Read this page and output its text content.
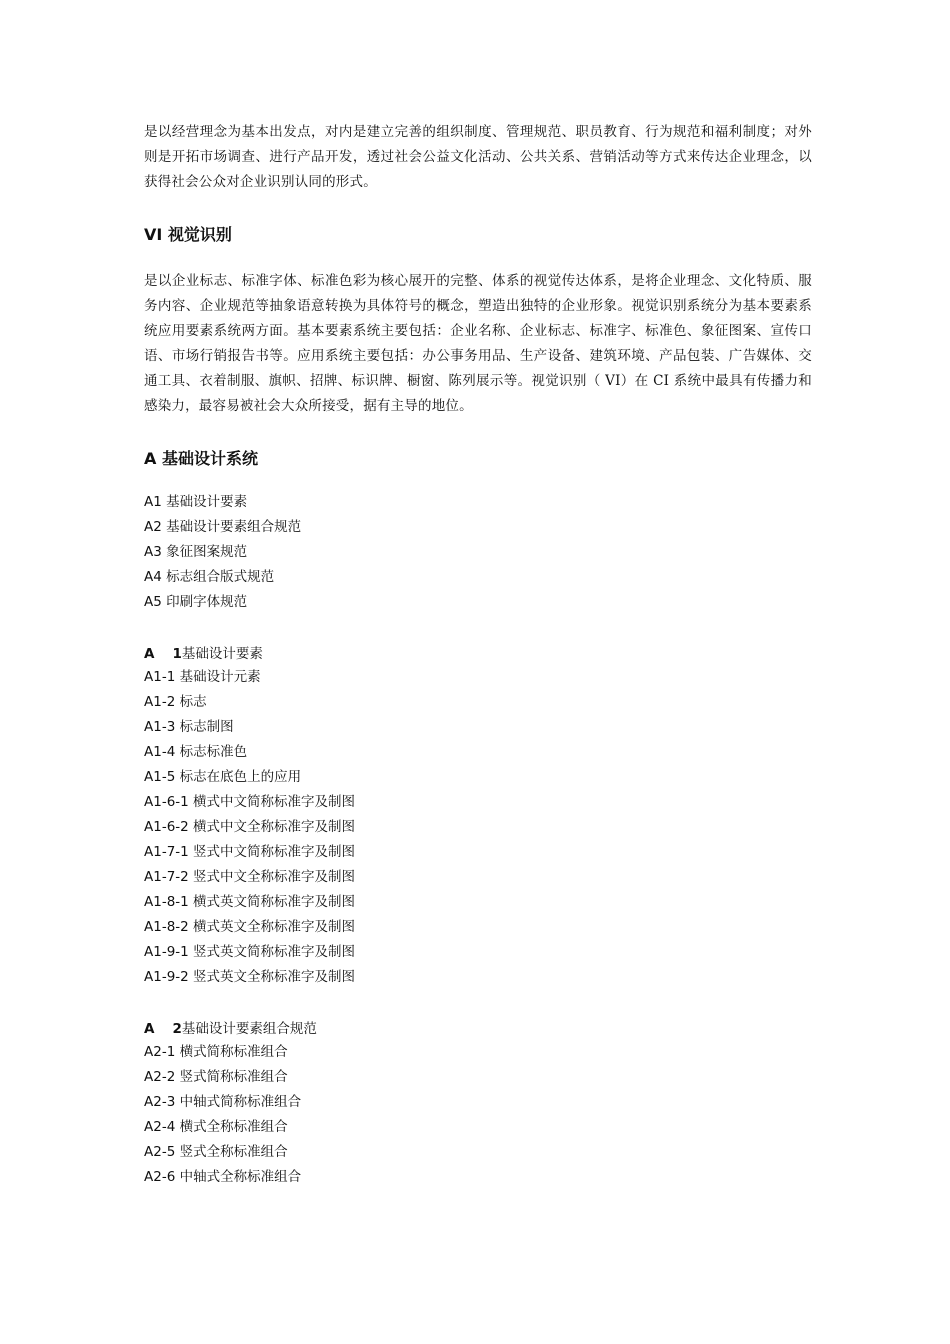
是以经营理念为基本出发点，对内是建立完善的组织制度、管理规范、职员教育、行为规范和福利制度；对外则是开拓市场调查、进行产品开发，透过社会公益文化活动、公共关系、营销活动等方式来传达企业理念，以获得社会公众对企业识别认同的形式。

VI 视觉识别

是以企业标志、标准字体、标准色彩为核心展开的完整、体系的视觉传达体系，是将企业理念、文化特质、服务内容、企业规范等抽象语意转换为具体符号的概念，塑造出独特的企业形象。视觉识别系统分为基本要素系统应用要素系统两方面。基本要素系统主要包括：企业名称、企业标志、标准字、标准色、象征图案、宣传口语、市场行销报告书等。应用系统主要包括：办公事务用品、生产设备、建筑环境、产品包装、广告媒体、交通工具、衣着制服、旗帜、招牌、标识牌、橱窗、陈列展示等。视觉识别（ VI）在 CI 系统中最具有传播力和感染力，最容易被社会大众所接受，据有主导的地位。

A 基础设计系统
A1 基础设计要素
A2 基础设计要素组合规范
A3 象征图案规范
A4 标志组合版式规范
A5 印刷字体规范
A 1基础设计要素
A1-1 基础设计元素
A1-2 标志
A1-3 标志制图
A1-4 标志标准色
A1-5 标志在底色上的应用
A1-6-1 横式中文简称标准字及制图
A1-6-2 横式中文全称标准字及制图
A1-7-1 竖式中文简称标准字及制图
A1-7-2 竖式中文全称标准字及制图
A1-8-1 横式英文简称标准字及制图
A1-8-2 横式英文全称标准字及制图
A1-9-1 竖式英文简称标准字及制图
A1-9-2 竖式英文全称标准字及制图
A 2基础设计要素组合规范
A2-1 横式简称标准组合
A2-2 竖式简称标准组合
A2-3 中轴式简称标准组合
A2-4 横式全称标准组合
A2-5 竖式全称标准组合
A2-6 中轴式全称标准组合
